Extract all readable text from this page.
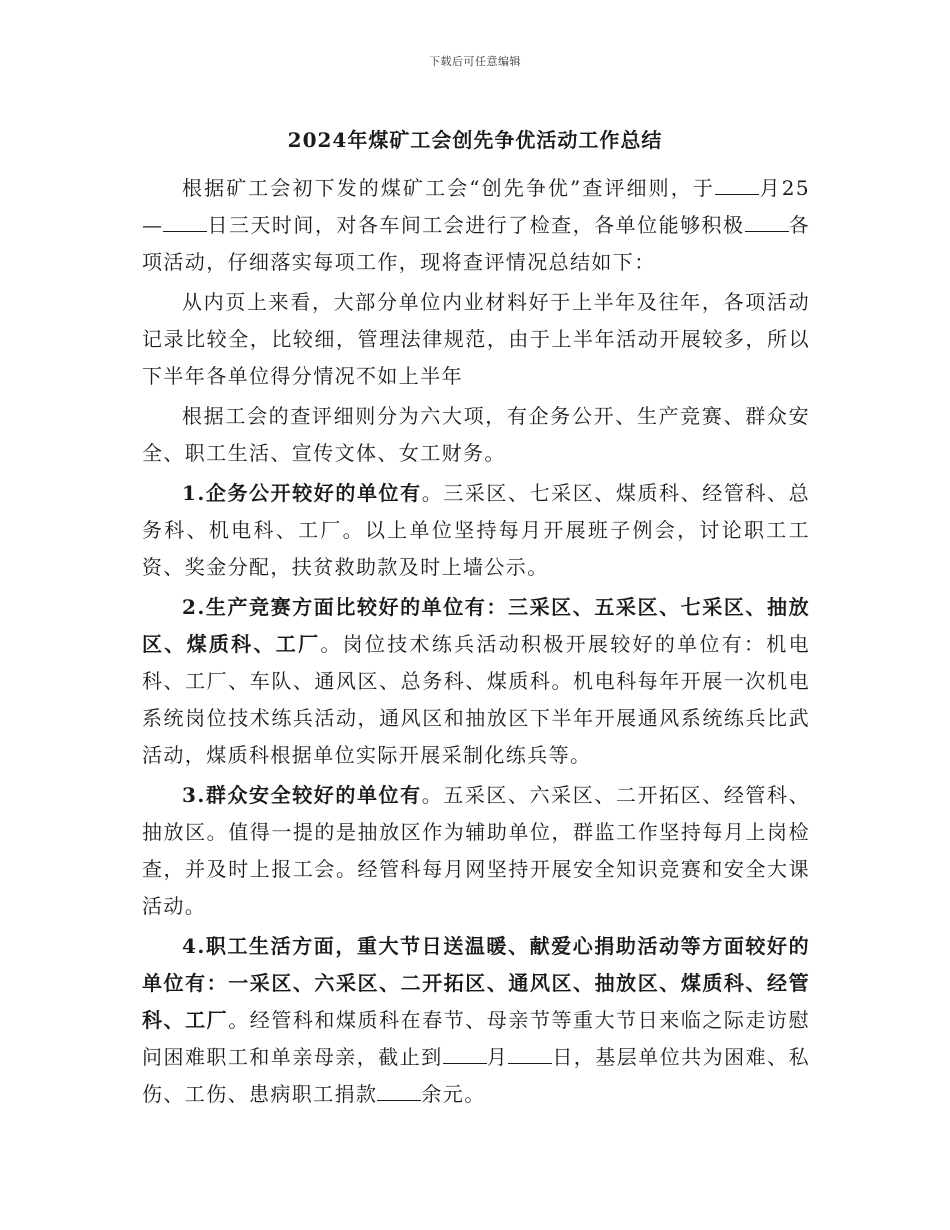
下载后可任意编辑
2024年煤矿工会创先争优活动工作总结

根据矿工会初下发的煤矿工会“创先争优”查评细则，于 月25— 日三天时间，对各车间工会进行了检查，各单位能够积极 各项活动，仔细落实每项工作，现将查评情况总结如下：

从内页上来看，大部分单位内业材料好于上半年及往年，各项活动记录比较全，比较细，管理法律规范，由于上半年活动开展较多，所以下半年各单位得分情况不如上半年

根据工会的查评细则分为六大项，有企务公开、生产竞赛、群众安全、职工生活、宣传文体、女工财务。

1.企务公开较好的单位有。三采区、七采区、煤质科、经管科、总务科、机电科、工厂。以上单位坚持每月开展班子例会，讨论职工工资、奖金分配，扶贫救助款及时上墙公示。

2.生产竞赛方面比较好的单位有：三采区、五采区、七采区、抽放区、煤质科、工厂。岗位技术练兵活动积极开展较好的单位有：机电科、工厂、车队、通风区、总务科、煤质科。机电科每年开展一次机电系统岗位技术练兵活动，通风区和抽放区下半年开展通风系统练兵比武活动，煤质科根据单位实际开展采制化练兵等。

3.群众安全较好的单位有。五采区、六采区、二开拓区、经管科、抽放区。值得一提的是抽放区作为辅助单位，群监工作坚持每月上岗检查，并及时上报工会。经管科每月网坚持开展安全知识竞赛和安全大课活动。

4.职工生活方面，重大节日送温暖、献爱心捐助活动等方面较好的单位有：一采区、六采区、二开拓区、通风区、抽放区、煤质科、经管科、工厂。经管科和煤质科在春节、母亲节等重大节日来临之际走访慰问困难职工和单亲母亲，截止到 月 日，基层单位共为困难、私伤、工伤、患病职工捐款 余元。
